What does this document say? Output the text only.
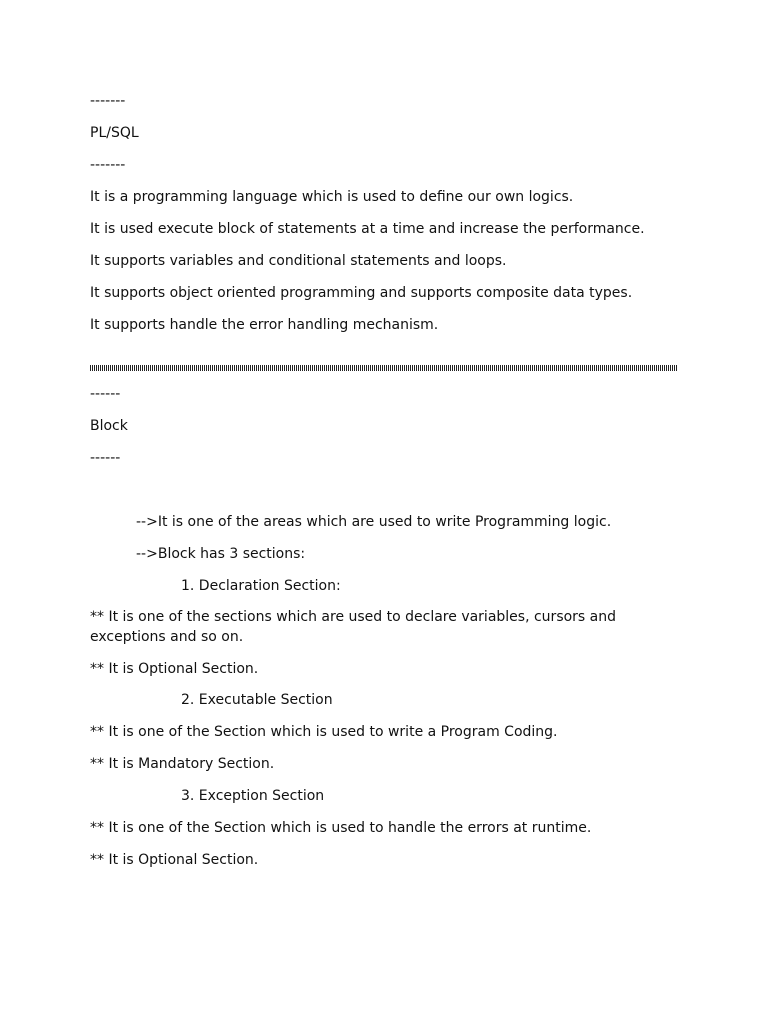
-------

PL/SQL

-------

It is a programming language which is used to define our own logics.

It is used execute block of statements at a time and increase the performance.

It supports variables and conditional statements and loops.

It supports object oriented programming and supports composite data types.

It supports handle the error handling mechanism.

------

Block

------

-->It is one of the areas which are used to write Programming logic.

-->Block has 3 sections:

1. Declaration Section:

** It is one of the sections which are used to declare variables, cursors and exceptions and so on.

** It is Optional Section.

2. Executable Section

** It is one of the Section which is used to write a Program Coding.

** It is Mandatory Section.

3. Exception Section

** It is one of the Section which is used to handle the errors at runtime.

** It is Optional Section.
